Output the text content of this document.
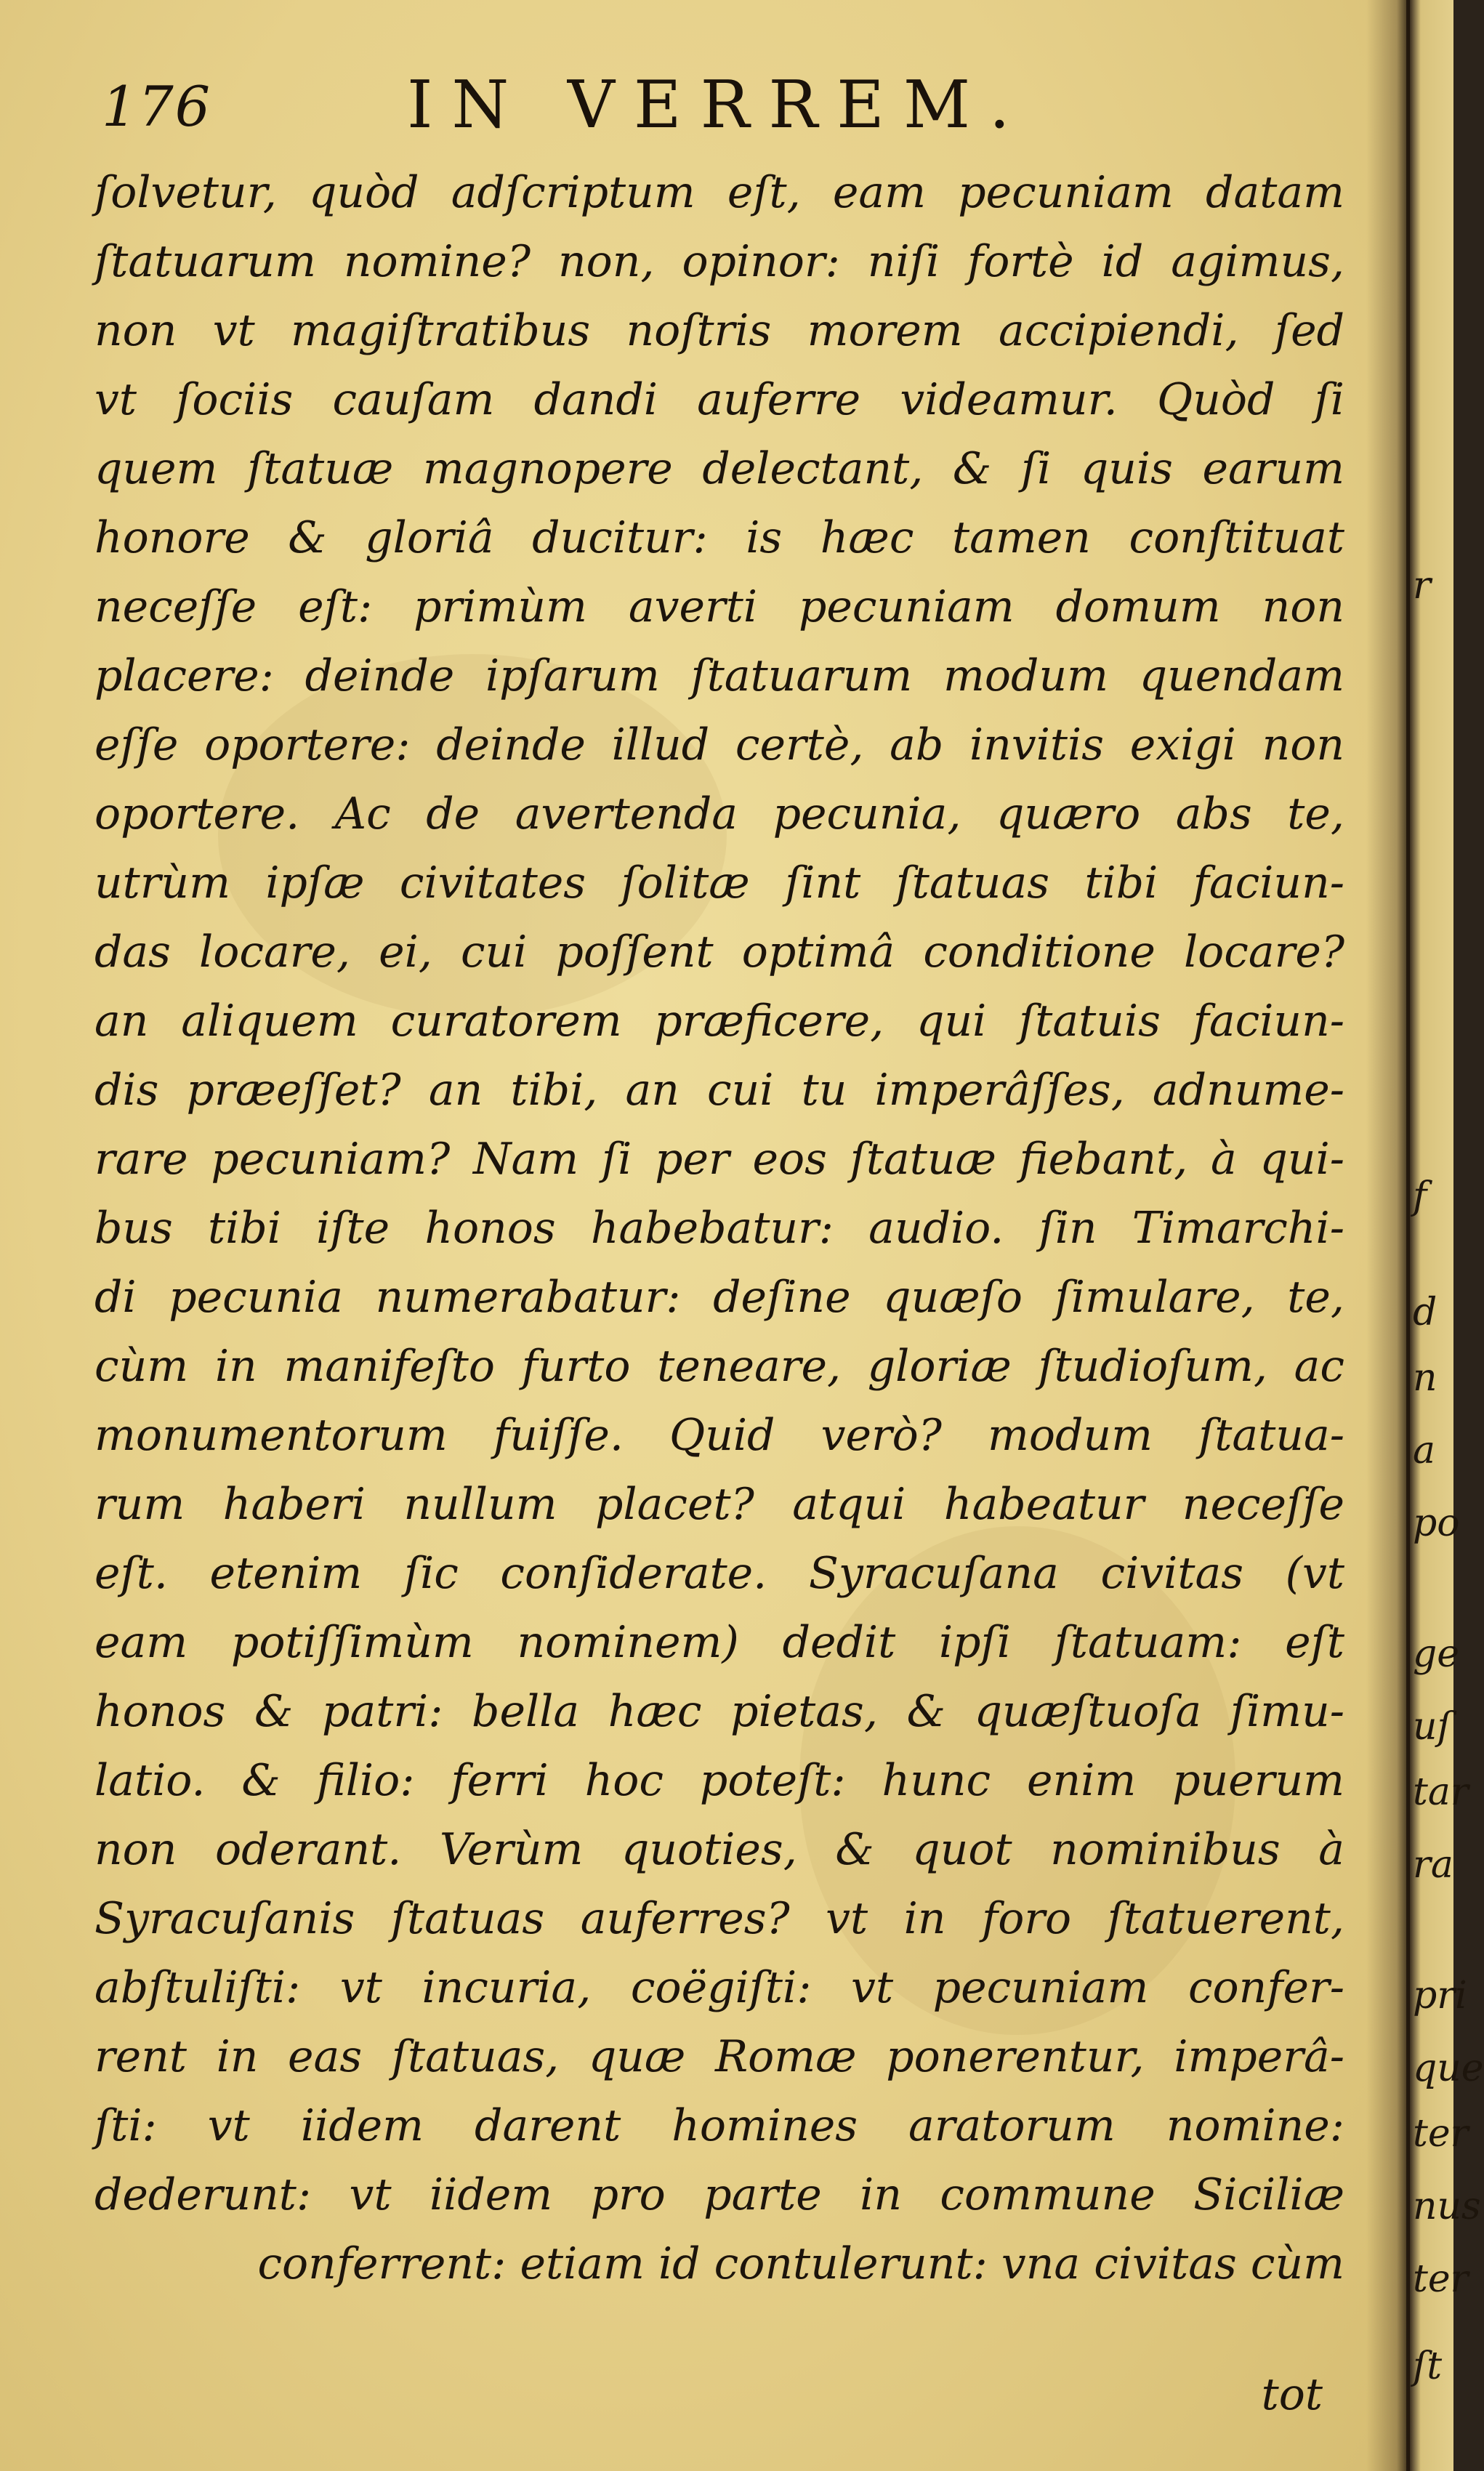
176	IN VERREM.
ſolvetur, quòd adſcriptum eſt, eam pecuniam datam
ſtatuarum nomine? non, opinor: niſi fortè id agimus,
non vt magiſtratibus noſtris morem accipiendi, ſed
vt ſociis cauſam dandi auferre videamur. Quòd ſi
quem ſtatuæ magnopere delectant, & ſi quis earum
honore & gloriâ ducitur: is hæc tamen conſtituat
neceſſe eſt: primùm averti pecuniam domum non
placere: deinde ipſarum ſtatuarum modum quendam
eſſe oportere: deinde illud certè, ab invitis exigi non
oportere. Ac de avertenda pecunia, quæro abs te,
utrùm ipſæ civitates ſolitæ ſint ſtatuas tibi faciun-
das locare, ei, cui poſſent optimâ conditione locare?
an aliquem curatorem præficere, qui ſtatuis faciun-
dis præeſſet? an tibi, an cui tu imperâſſes, adnume-
rare pecuniam? Nam ſi per eos ſtatuæ fiebant, à qui-
bus tibi iſte honos habebatur: audio. ſin Timarchi-
di pecunia numerabatur: deſine quæſo ſimulare, te,
cùm in manifeſto furto teneare, gloriæ ſtudioſum, ac
monumentorum fuiſſe. Quid verò? modum ſtatua-
rum haberi nullum placet? atqui habeatur neceſſe
eſt. etenim ſic conſiderate. Syracuſana civitas (vt
eam potiſſimùm nominem) dedit ipſi ſtatuam: eſt
honos & patri: bella hæc pietas, & quæſtuoſa ſimu-
latio. & filio: ferri hoc poteſt: hunc enim puerum
non oderant. Verùm quoties, & quot nominibus à
Syracuſanis ſtatuas auferres? vt in foro ſtatuerent,
abſtuliſti: vt incuria, coëgiſti: vt pecuniam confer-
rent in eas ſtatuas, quæ Romæ ponerentur, imperâ-
ſti: vt iidem darent homines aratorum nomine:
dederunt: vt iidem pro parte in commune Siciliæ
conferrent: etiam id contulerunt: vna civitas cùm
tot
r
f
d
n
a
po
ge
uſ
tar
ra
pri
que
ter
nus
ter
ſt
